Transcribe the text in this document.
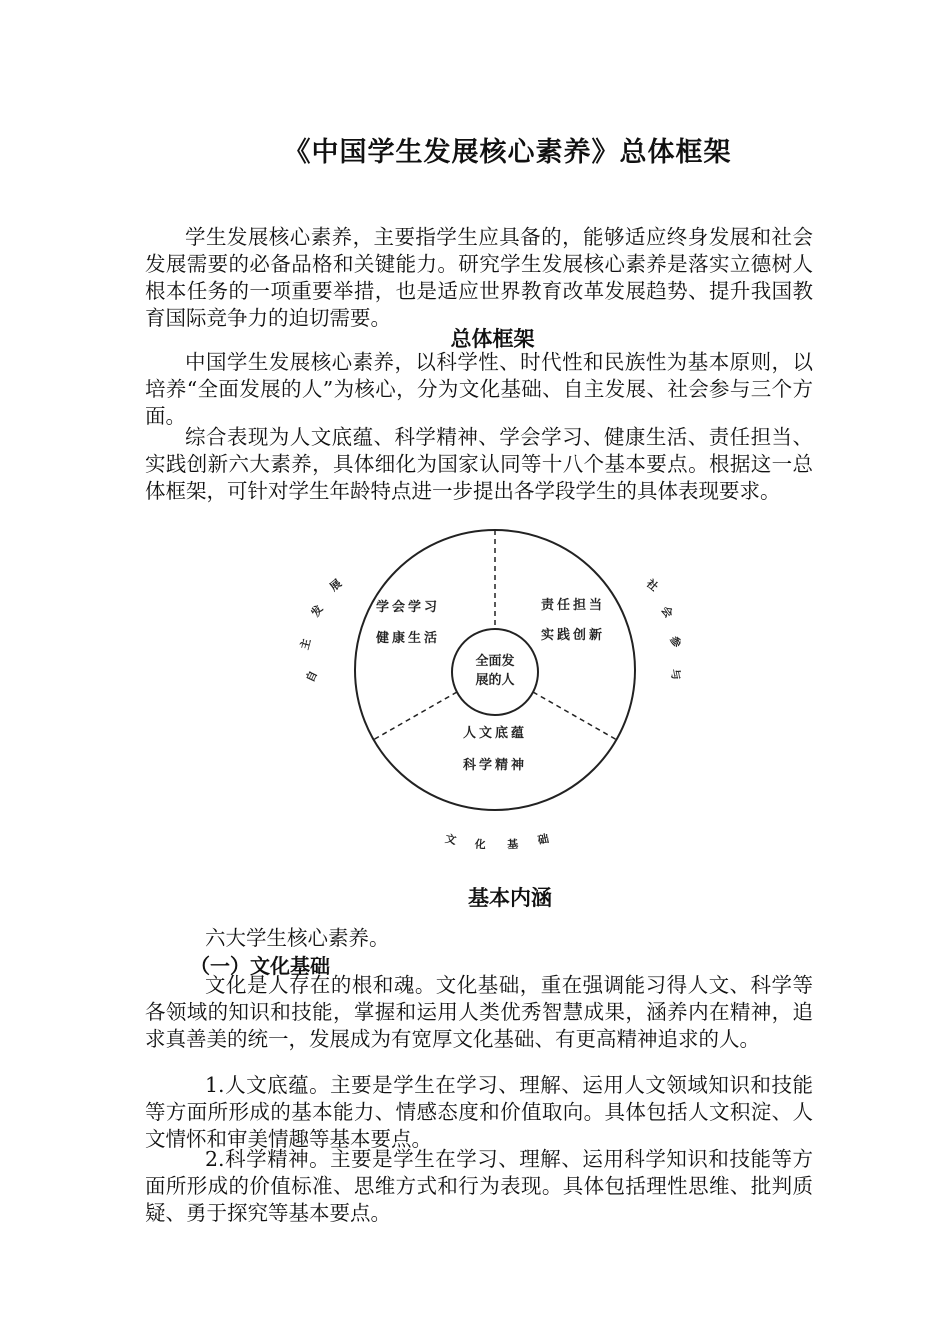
《中国学生发展核心素养》总体框架

学生发展核心素养，主要指学生应具备的，能够适应终身发展和社会发展需要的必备品格和关键能力。研究学生发展核心素养是落实立德树人根本任务的一项重要举措，也是适应世界教育改革发展趋势、提升我国教育国际竞争力的迫切需要。

总体框架

中国学生发展核心素养，以科学性、时代性和民族性为基本原则，以培养“全面发展的人”为核心，分为文化基础、自主发展、社会参与三个方面。

综合表现为人文底蕴、科学精神、学会学习、健康生活、责任担当、实践创新六大素养，具体细化为国家认同等十八个基本要点。根据这一总体框架，可针对学生年龄特点进一步提出各学段学生的具体表现要求。

全面发
展的人
学会学习
健康生活
责任担当
实践创新
人文底蕴
科学精神
自
主
发
展	社
会
参
与
文 化 基 础
基本内涵

六大学生核心素养。

（一）文化基础

文化是人存在的根和魂。文化基础，重在强调能习得人文、科学等各领域的知识和技能，掌握和运用人类优秀智慧成果，涵养内在精神，追求真善美的统一，发展成为有宽厚文化基础、有更高精神追求的人。

1.人文底蕴。主要是学生在学习、理解、运用人文领域知识和技能等方面所形成的基本能力、情感态度和价值取向。具体包括人文积淀、人文情怀和审美情趣等基本要点。

2.科学精神。主要是学生在学习、理解、运用科学知识和技能等方面所形成的价值标准、思维方式和行为表现。具体包括理性思维、批判质疑、勇于探究等基本要点。
